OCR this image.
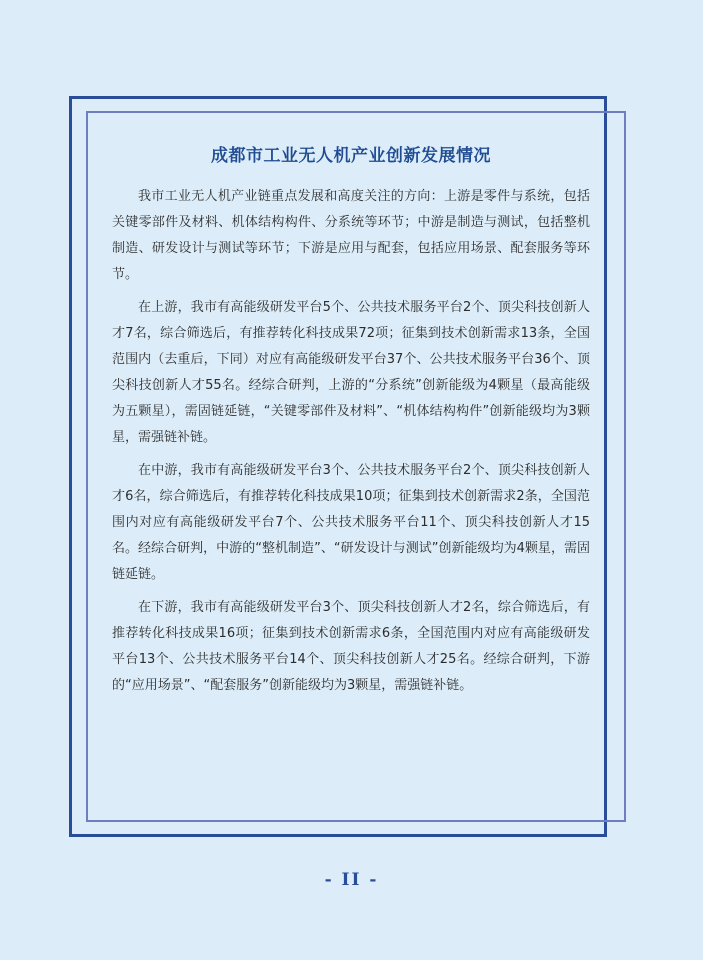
成都市工业无人机产业创新发展情况

我市工业无人机产业链重点发展和高度关注的方向：上游是零件与系统，包括关键零部件及材料、机体结构构件、分系统等环节；中游是制造与测试，包括整机制造、研发设计与测试等环节；下游是应用与配套，包括应用场景、配套服务等环节。

在上游，我市有高能级研发平台5个、公共技术服务平台2个、顶尖科技创新人才7名，综合筛选后，有推荐转化科技成果72项；征集到技术创新需求13条，全国范围内（去重后，下同）对应有高能级研发平台37个、公共技术服务平台36个、顶尖科技创新人才55名。经综合研判，上游的“分系统”创新能级为4颗星（最高能级为五颗星），需固链延链，“关键零部件及材料”、“机体结构构件”创新能级均为3颗星，需强链补链。

在中游，我市有高能级研发平台3个、公共技术服务平台2个、顶尖科技创新人才6名，综合筛选后，有推荐转化科技成果10项；征集到技术创新需求2条，全国范围内对应有高能级研发平台7个、公共技术服务平台11个、顶尖科技创新人才15名。经综合研判，中游的“整机制造”、“研发设计与测试”创新能级均为4颗星，需固链延链。

在下游，我市有高能级研发平台3个、顶尖科技创新人才2名，综合筛选后，有推荐转化科技成果16项；征集到技术创新需求6条，全国范围内对应有高能级研发平台13个、公共技术服务平台14个、顶尖科技创新人才25名。经综合研判，下游的“应用场景”、“配套服务”创新能级均为3颗星，需强链补链。

- II -
